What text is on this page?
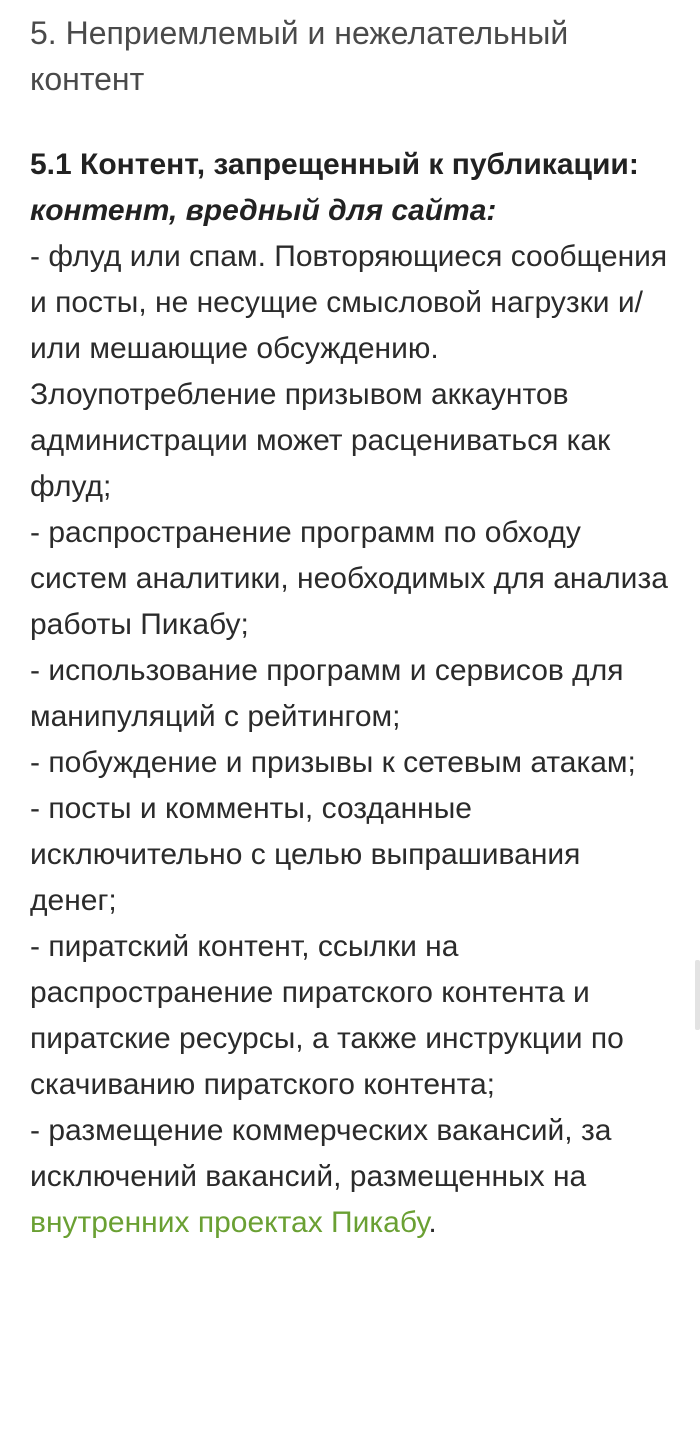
5. Неприемлемый и нежелательный контент
5.1 Контент, запрещенный к публикации:
контент, вредный для сайта:
- флуд или спам. Повторяющиеся сообщения и посты, не несущие смысловой нагрузки и/или мешающие обсуждению. Злоупотребление призывом аккаунтов администрации может расцениваться как флуд;
- распространение программ по обходу систем аналитики, необходимых для анализа работы Пикабу;
- использование программ и сервисов для манипуляций с рейтингом;
- побуждение и призывы к сетевым атакам;
- посты и комменты, созданные исключительно с целью выпрашивания денег;
- пиратский контент, ссылки на распространение пиратского контента и пиратские ресурсы, а также инструкции по скачиванию пиратского контента;
- размещение коммерческих вакансий, за исключений вакансий, размещенных на внутренних проектах Пикабу.
